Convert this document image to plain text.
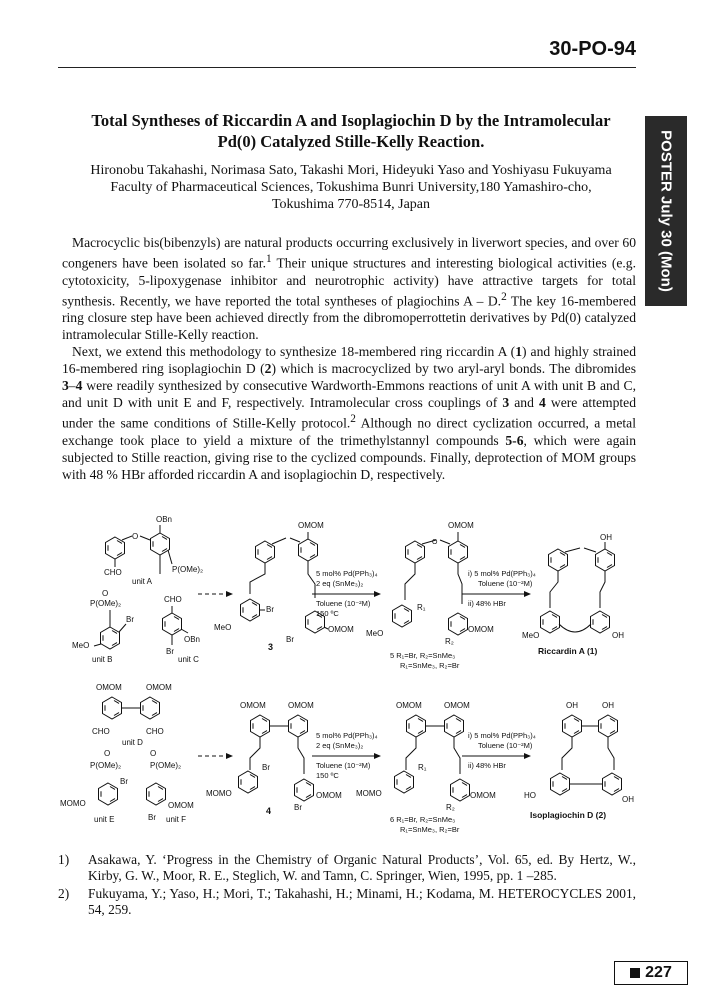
30-PO-94
POSTER July 30 (Mon)
Total Syntheses of Riccardin A and Isoplagiochin D by the Intramolecular
Pd(0) Catalyzed Stille-Kelly Reaction.
Hironobu Takahashi, Norimasa Sato, Takashi Mori, Hideyuki Yaso and Yoshiyasu Fukuyama
Faculty of Pharmaceutical Sciences, Tokushima Bunri University,180 Yamashiro-cho,
Tokushima 770-8514, Japan

Macrocyclic bis(bibenzyls) are natural products occurring exclusively in liverwort species, and over 60 congeners have been isolated so far.$^1$ Their unique structures and interesting biological activities (e.g. cytotoxicity, 5-lipoxygenase inhibitor and neurotrophic activity) have attractive targets for total synthesis. Recently, we have reported the total syntheses of plagiochins A – D.$^2$ The key 16-membered ring closure step have been achieved directly from the dibromoperrottetin derivatives by Pd(0) catalyzed intramolecular Stille-Kelly reaction.

Next, we extend this methodology to synthesize 18-membered ring riccardin A (1) and highly strained 16-membered ring isoplagiochin D (2) which is macrocyclized by two aryl-aryl bonds. The dibromides 3–4 were readily synthesized by consecutive Wardworth-Emmons reactions of unit A with unit B and C, and unit D with unit E and F, respectively. Intramolecular cross couplings of 3 and 4 were attempted under the same conditions of Stille-Kelly protocol.$^2$ Although no direct cyclization occurred, a metal exchange took place to yield a mixture of the trimethylstannyl compounds 5-6, which were again subjected to Stille reaction, giving rise to the cyclized compounds. Finally, deprotection of MOM groups with 48 % HBr afforded riccardin A and isoplagiochin D, respectively.

OBn
O
CHO	P(OMe)₂
unit A
O
P(OMe)₂
Br
MeO
unit B
CHO
OBn
Br
unit C
OMOM
Br
MeO	OMOM
Br
3
5 mol% Pd(PPh₃)₄
2 eq (SnMe₃)₂
Toluene (10⁻²M)
150 ºC
O
OMOM
R₁
MeO	OMOM
R₂
5 R₁=Br, R₂=SnMe₃
R₁=SnMe₃, R₂=Br
i) 5 mol% Pd(PPh₃)₄
Toluene (10⁻²M)
ii) 48% HBr
OH
MeO	OH
Riccardin A (1)
OMOM	OMOM
CHO	CHO
unit D
O
P(OMe)₂
Br
MOMO
unit E
O
P(OMe)₂
OMOM
Br unit F
OMOM	OMOM
Br
MOMO	OMOM
Br
4
5 mol% Pd(PPh₃)₄
2 eq (SnMe₃)₂
Toluene (10⁻²M)
150 ºC
OMOM	OMOM
R₁
MOMO	OMOM
R₂
6 R₁=Br, R₂=SnMe₃
R₁=SnMe₃, R₂=Br
i) 5 mol% Pd(PPh₃)₄
Toluene (10⁻²M)
ii) 48% HBr
OH	OH
HO	OH
Isoplagiochin D (2)
1)	Asakawa, Y. ‘Progress in the Chemistry of Organic Natural Products’, Vol. 65, ed. By Hertz, W., Kirby, G. W., Moor, R. E., Steglich, W. and Tamn, C. Springer, Wien, 1995, pp. 1 –285.
2)	Fukuyama, Y.; Yaso, H.; Mori, T.; Takahashi, H.; Minami, H.; Kodama, M. HETEROCYCLES 2001, 54, 259.
227
